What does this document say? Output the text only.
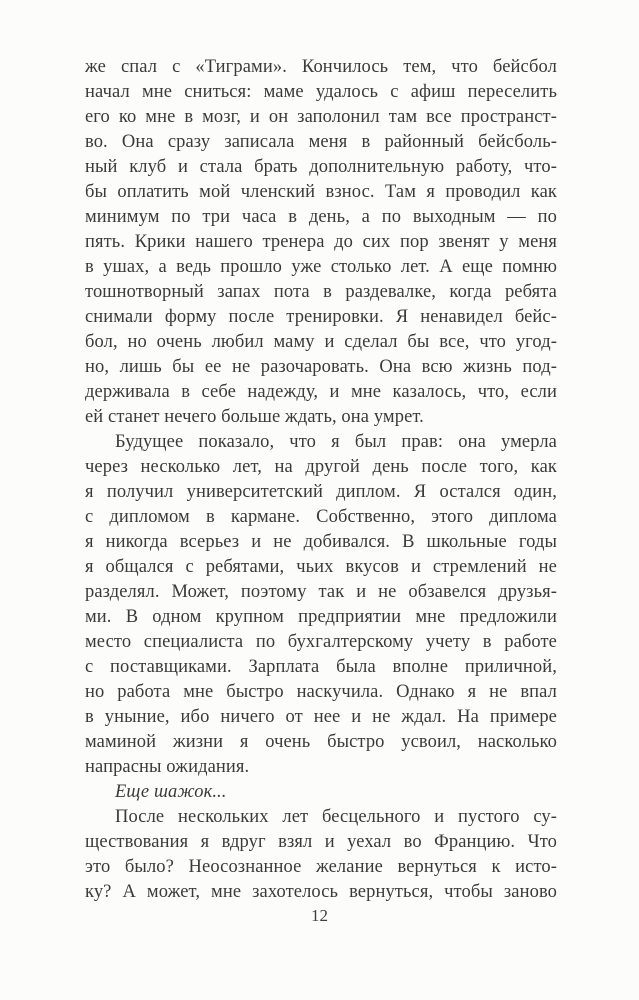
же спал с «Тиграми». Кончилось тем, что бейсбол
начал мне сниться: маме удалось с афиш переселить
его ко мне в мозг, и он заполонил там все пространст-
во. Она сразу записала меня в районный бейсболь-
ный клуб и стала брать дополнительную работу, что-
бы оплатить мой членский взнос. Там я проводил как
минимум по три часа в день, а по выходным — по
пять. Крики нашего тренера до сих пор звенят у меня
в ушах, а ведь прошло уже столько лет. А еще помню
тошнотворный запах пота в раздевалке, когда ребята
снимали форму после тренировки. Я ненавидел бейс-
бол, но очень любил маму и сделал бы все, что угод-
но, лишь бы ее не разочаровать. Она всю жизнь под-
держивала в себе надежду, и мне казалось, что, если
ей станет нечего больше ждать, она умрет.
Будущее показало, что я был прав: она умерла
через несколько лет, на другой день после того, как
я получил университетский диплом. Я остался один,
с дипломом в кармане. Собственно, этого диплома
я никогда всерьез и не добивался. В школьные годы
я общался с ребятами, чьих вкусов и стремлений не
разделял. Может, поэтому так и не обзавелся друзья-
ми. В одном крупном предприятии мне предложили
место специалиста по бухгалтерскому учету в работе
с поставщиками. Зарплата была вполне приличной,
но работа мне быстро наскучила. Однако я не впал
в уныние, ибо ничего от нее и не ждал. На примере
маминой жизни я очень быстро усвоил, насколько
напрасны ожидания.
Еще шажок...
После нескольких лет бесцельного и пустого су-
ществования я вдруг взял и уехал во Францию. Что
это было? Неосознанное желание вернуться к исто-
ку? А может, мне захотелось вернуться, чтобы заново
12
